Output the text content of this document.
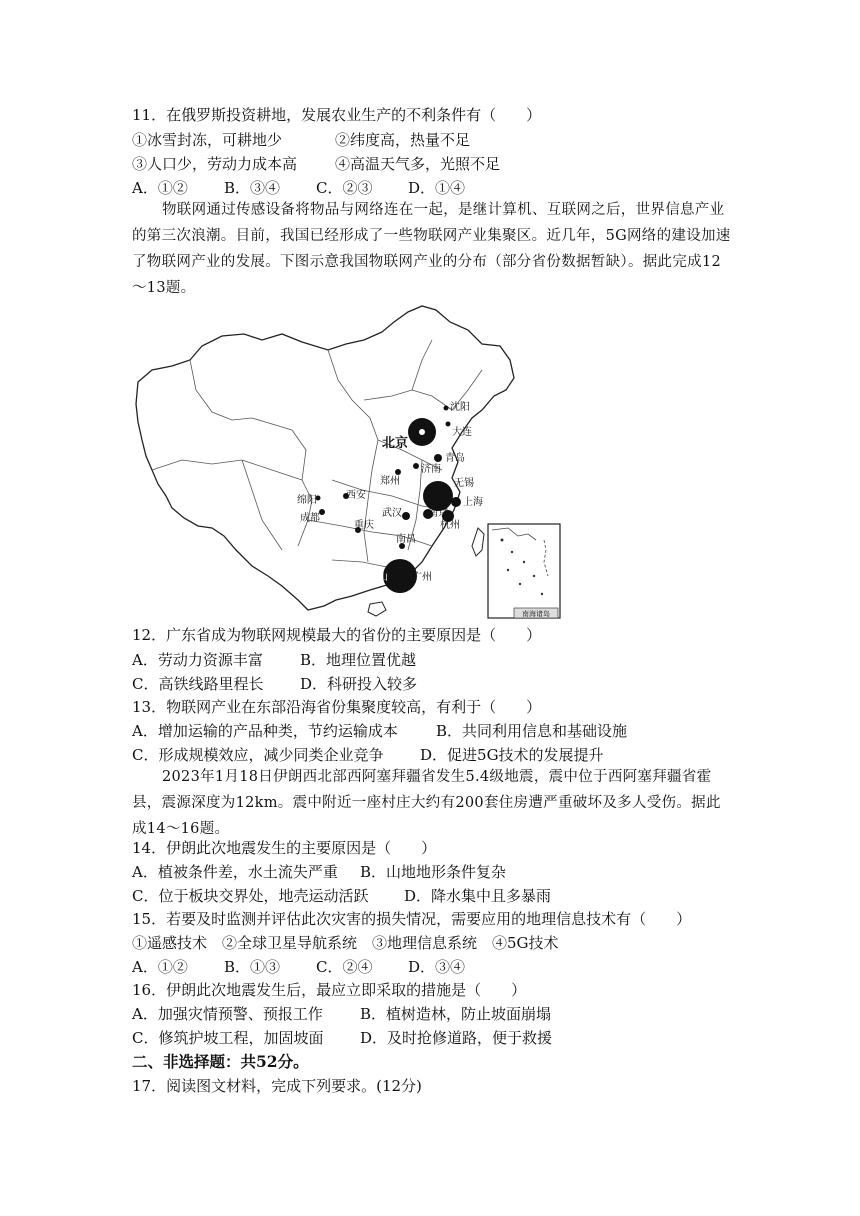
11．在俄罗斯投资耕地，发展农业生产的不利条件有（　　）
①冰雪封冻，可耕地少	②纬度高，热量不足
③人口少，劳动力成本高	④高温天气多，光照不足
A．①② B．③④ C．②③ D．①④
物联网通过传感设备将物品与网络连在一起，是继计算机、互联网之后，世界信息产业的第三次浪潮。目前，我国已经形成了一些物联网产业集聚区。近几年，5G网络的建设加速了物联网产业的发展。下图示意我国物联网产业的分布（部分省份数据暂缺）。据此完成12～13题。
南海诸岛
沈阳
北京
大连
青岛
济南
郑州	无锡
上海
西安
绵阳
成都	武汉	南京
杭州
重庆
南昌
佛山 广州
12．广东省成为物联网规模最大的省份的主要原因是（　　）
A．劳动力资源丰富 B．地理位置优越
C．高铁线路里程长 D．科研投入较多
13．物联网产业在东部沿海省份集聚度较高，有利于（　　）
A．增加运输的产品种类，节约运输成本	B．共同利用信息和基础设施
C．形成规模效应，减少同类企业竞争 D．促进5G技术的发展提升
2023年1月18日伊朗西北部西阿塞拜疆省发生5.4级地震，震中位于西阿塞拜疆省霍县，震源深度为12km。震中附近一座村庄大约有200套住房遭严重破坏及多人受伤。据此成14～16题。
14．伊朗此次地震发生的主要原因是（　　）
A．植被条件差，水土流失严重 B．山地地形条件复杂
C．位于板块交界处，地壳运动活跃 D．降水集中且多暴雨
15．若要及时监测并评估此次灾害的损失情况，需要应用的地理信息技术有（　　）
①遥感技术　②全球卫星导航系统　③地理信息系统　④5G技术
A．①② B．①③ C．②④ D．③④
16．伊朗此次地震发生后，最应立即采取的措施是（　　）
A．加强灾情预警、预报工作 B．植树造林，防止坡面崩塌
C．修筑护坡工程，加固坡面 D．及时抢修道路，便于救援
二、非选择题：共52分。
17．阅读图文材料，完成下列要求。(12分)
